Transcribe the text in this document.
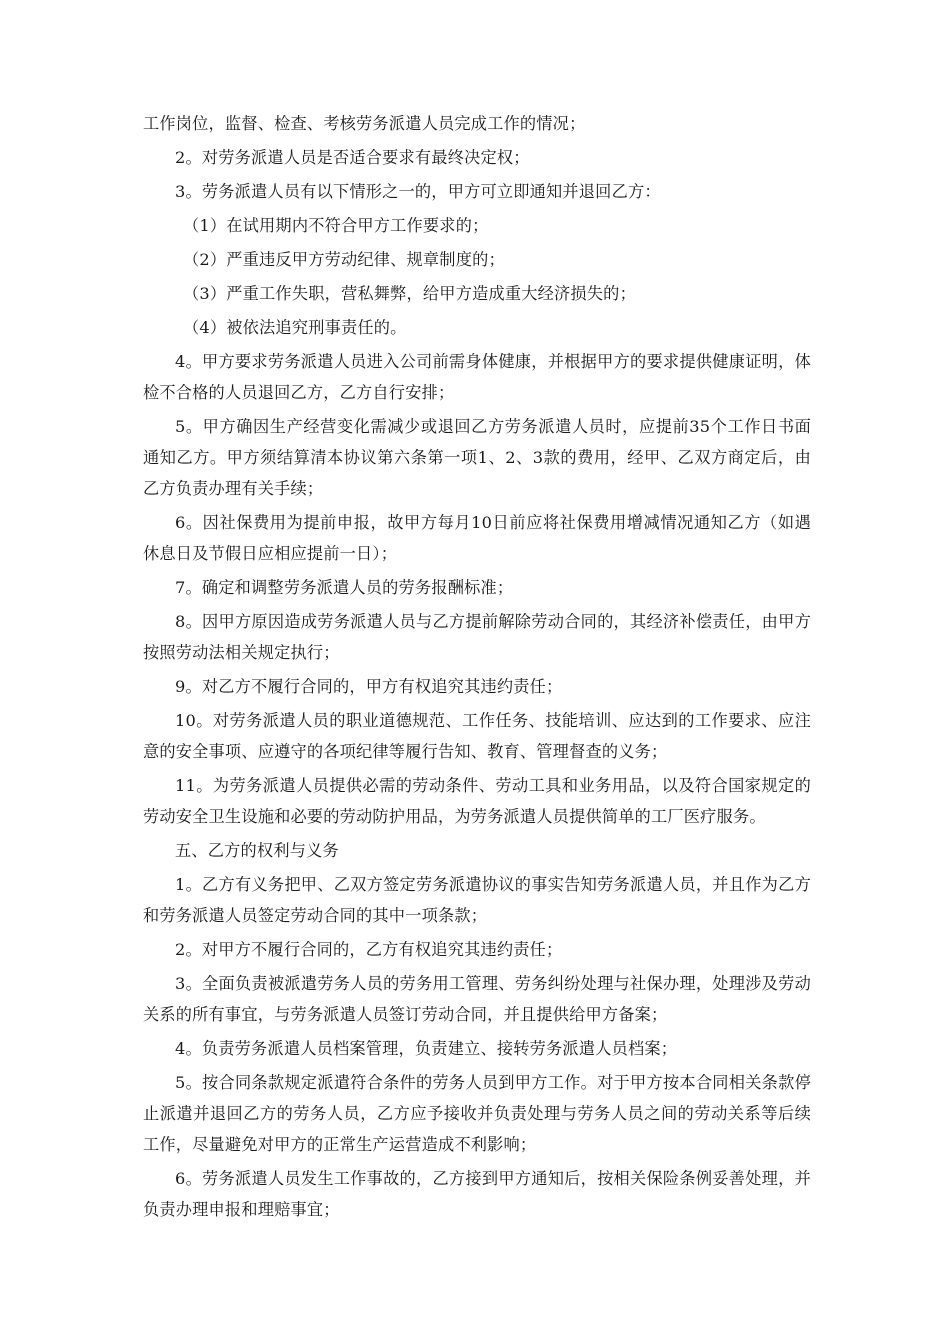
工作岗位，监督、检查、考核劳务派遣人员完成工作的情况；

2。对劳务派遣人员是否适合要求有最终决定权；

3。劳务派遣人员有以下情形之一的，甲方可立即通知并退回乙方：

（1）在试用期内不符合甲方工作要求的；

（2）严重违反甲方劳动纪律、规章制度的；

（3）严重工作失职，营私舞弊，给甲方造成重大经济损失的；

（4）被依法追究刑事责任的。

4。甲方要求劳务派遣人员进入公司前需身体健康，并根据甲方的要求提供健康证明，体检不合格的人员退回乙方，乙方自行安排；

5。甲方确因生产经营变化需减少或退回乙方劳务派遣人员时，应提前35个工作日书面通知乙方。甲方须结算清本协议第六条第一项1、2、3款的费用，经甲、乙双方商定后，由乙方负责办理有关手续；

6。因社保费用为提前申报，故甲方每月10日前应将社保费用增减情况通知乙方（如遇休息日及节假日应相应提前一日）；

7。确定和调整劳务派遣人员的劳务报酬标准；

8。因甲方原因造成劳务派遣人员与乙方提前解除劳动合同的，其经济补偿责任，由甲方按照劳动法相关规定执行；

9。对乙方不履行合同的，甲方有权追究其违约责任；

10。对劳务派遣人员的职业道德规范、工作任务、技能培训、应达到的工作要求、应注意的安全事项、应遵守的各项纪律等履行告知、教育、管理督查的义务；

11。为劳务派遣人员提供必需的劳动条件、劳动工具和业务用品，以及符合国家规定的劳动安全卫生设施和必要的劳动防护用品，为劳务派遣人员提供简单的工厂医疗服务。

五、乙方的权利与义务

1。乙方有义务把甲、乙双方签定劳务派遣协议的事实告知劳务派遣人员，并且作为乙方和劳务派遣人员签定劳动合同的其中一项条款；

2。对甲方不履行合同的，乙方有权追究其违约责任；

3。全面负责被派遣劳务人员的劳务用工管理、劳务纠纷处理与社保办理，处理涉及劳动关系的所有事宜，与劳务派遣人员签订劳动合同，并且提供给甲方备案；

4。负责劳务派遣人员档案管理，负责建立、接转劳务派遣人员档案；

5。按合同条款规定派遣符合条件的劳务人员到甲方工作。对于甲方按本合同相关条款停止派遣并退回乙方的劳务人员，乙方应予接收并负责处理与劳务人员之间的劳动关系等后续工作，尽量避免对甲方的正常生产运营造成不利影响；

6。劳务派遣人员发生工作事故的，乙方接到甲方通知后，按相关保险条例妥善处理，并负责办理申报和理赔事宜；
